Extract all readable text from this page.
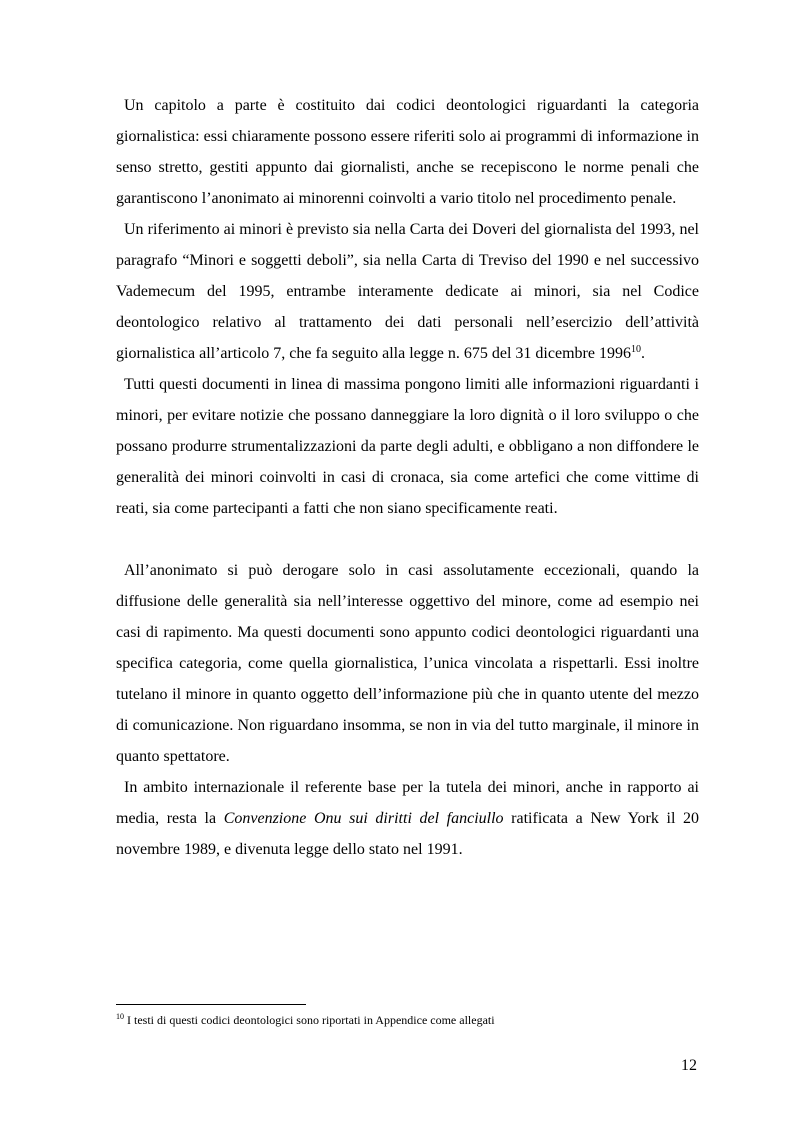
Un capitolo a parte è costituito dai codici deontologici riguardanti la categoria giornalistica: essi chiaramente possono essere riferiti solo ai programmi di informazione in senso stretto, gestiti appunto dai giornalisti, anche se recepiscono le norme penali che garantiscono l’anonimato ai minorenni coinvolti a vario titolo nel procedimento penale.

Un riferimento ai minori è previsto sia nella Carta dei Doveri del giornalista del 1993, nel paragrafo “Minori e soggetti deboli”, sia nella Carta di Treviso del 1990 e nel successivo Vademecum del 1995, entrambe interamente dedicate ai minori, sia nel Codice deontologico relativo al trattamento dei dati personali nell’esercizio dell’attività giornalistica all’articolo 7, che fa seguito alla legge n. 675 del 31 dicembre 1996$^{10}$.

Tutti questi documenti in linea di massima pongono limiti alle informazioni riguardanti i minori, per evitare notizie che possano danneggiare la loro dignità o il loro sviluppo o che possano produrre strumentalizzazioni da parte degli adulti, e obbligano a non diffondere le generalità dei minori coinvolti in casi di cronaca, sia come artefici che come vittime di reati, sia come partecipanti a fatti che non siano specificamente reati.

All’anonimato si può derogare solo in casi assolutamente eccezionali, quando la diffusione delle generalità sia nell’interesse oggettivo del minore, come ad esempio nei casi di rapimento. Ma questi documenti sono appunto codici deontologici riguardanti una specifica categoria, come quella giornalistica, l’unica vincolata a rispettarli. Essi inoltre tutelano il minore in quanto oggetto dell’informazione più che in quanto utente del mezzo di comunicazione. Non riguardano insomma, se non in via del tutto marginale, il minore in quanto spettatore.

In ambito internazionale il referente base per la tutela dei minori, anche in rapporto ai media, resta la Convenzione Onu sui diritti del fanciullo ratificata a New York il 20 novembre 1989, e divenuta legge dello stato nel 1991.

$^{10}$ I testi di questi codici deontologici sono riportati in Appendice come allegati
12
